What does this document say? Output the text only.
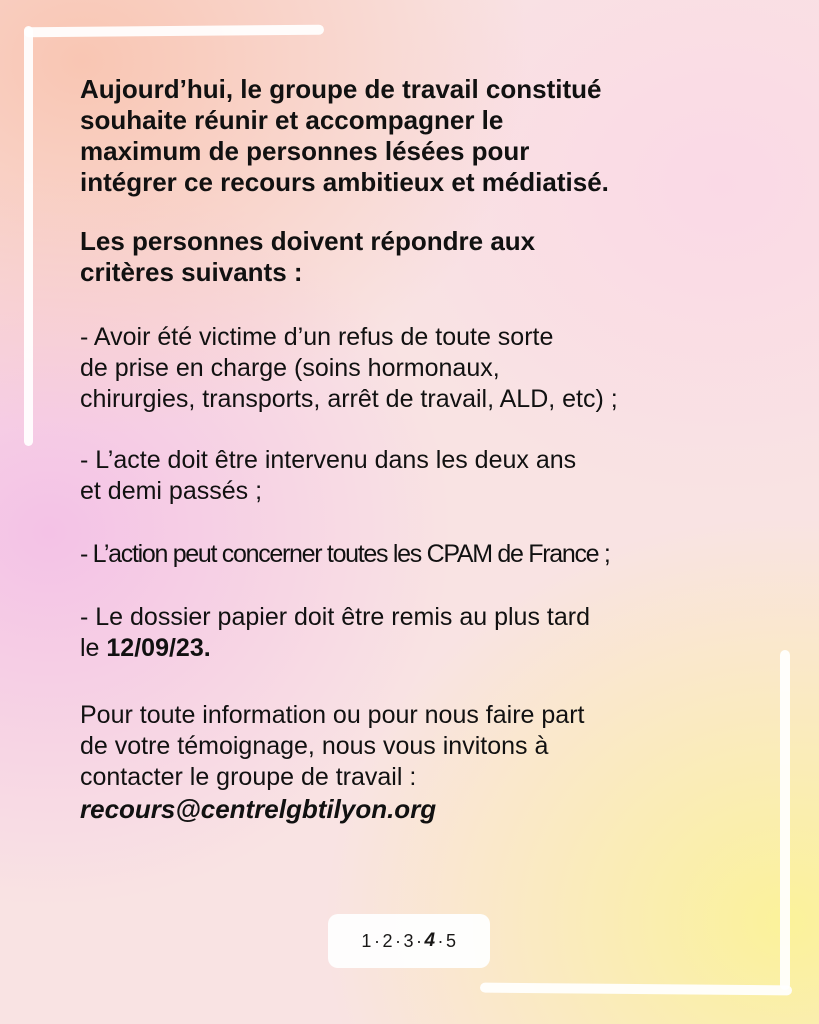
Aujourd’hui, le groupe de travail constitué
souhaite réunir et accompagner le
maximum de personnes lésées pour
intégrer ce recours ambitieux et médiatisé.

Les personnes doivent répondre aux
critères suivants :

- Avoir été victime d’un refus de toute sorte
de prise en charge (soins hormonaux,
chirurgies, transports, arrêt de travail, ALD, etc) ;

- L’acte doit être intervenu dans les deux ans
et demi passés ;

- L’action peut concerner toutes les CPAM de France ;

- Le dossier papier doit être remis au plus tard
le 12/09/23.

Pour toute information ou pour nous faire part
de votre témoignage, nous vous invitons à
contacter le groupe de travail :
recours@centrelgbtilyon.org

1 · 2 · 3 · 4 · 5
